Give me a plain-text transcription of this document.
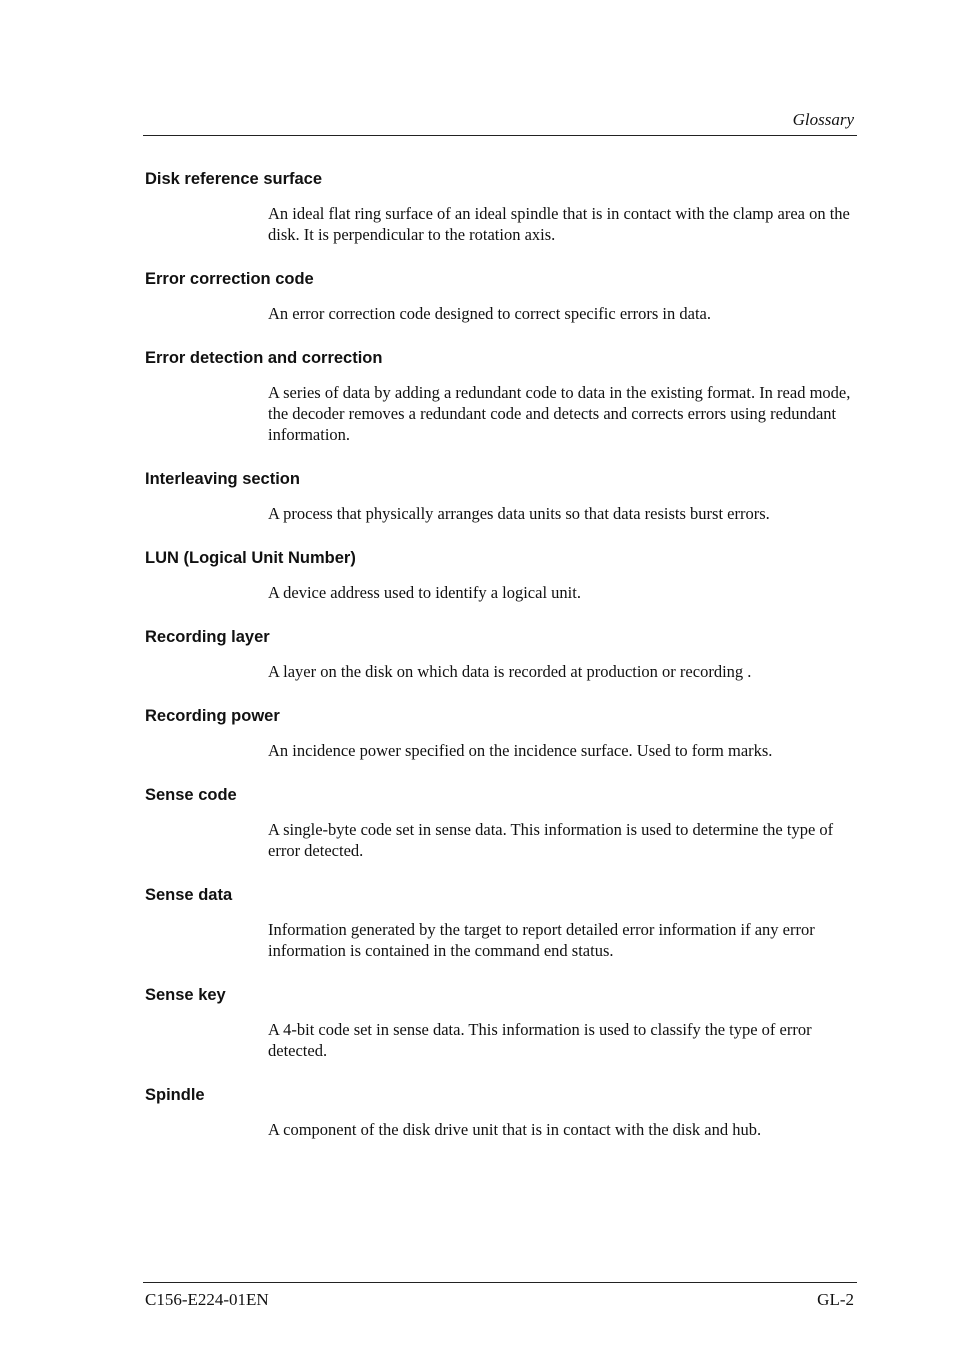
Glossary
Disk reference surface

An ideal flat ring surface of an ideal spindle that is in contact with the clamp area on the disk. It is perpendicular to the rotation axis.

Error correction code

An error correction code designed to correct specific errors in data.

Error detection and correction

A series of data by adding a redundant code to data in the existing format. In read mode, the decoder removes a redundant code and detects and corrects errors using redundant information.

Interleaving section

A process that physically arranges data units so that data resists burst errors.

LUN (Logical Unit Number)

A device address used to identify a logical unit.

Recording layer

A layer on the disk on which data is recorded at production or recording .

Recording power

An incidence power specified on the incidence surface. Used to form marks.

Sense code

A single-byte code set in sense data. This information is used to determine the type of error detected.

Sense data

Information generated by the target to report detailed error information if any error information is contained in the command end status.

Sense key

A 4-bit code set in sense data. This information is used to classify the type of error detected.

Spindle

A component of the disk drive unit that is in contact with the disk and hub.

C156-E224-01EN	GL-2
